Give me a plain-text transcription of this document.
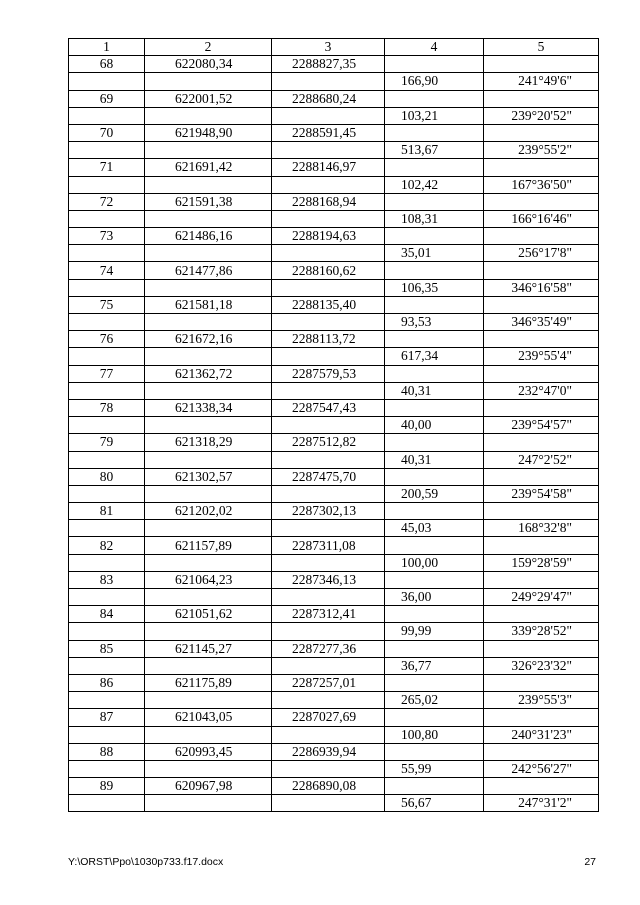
1	2	3	4	5
68	622080,34	2288827,35		
			166,90	241°49'6"
69	622001,52	2288680,24		
			103,21	239°20'52"
70	621948,90	2288591,45		
			513,67	239°55'2"
71	621691,42	2288146,97		
			102,42	167°36'50"
72	621591,38	2288168,94		
			108,31	166°16'46"
73	621486,16	2288194,63		
			35,01	256°17'8"
74	621477,86	2288160,62		
			106,35	346°16'58"
75	621581,18	2288135,40		
			93,53	346°35'49"
76	621672,16	2288113,72		
			617,34	239°55'4"
77	621362,72	2287579,53		
			40,31	232°47'0"
78	621338,34	2287547,43		
			40,00	239°54'57"
79	621318,29	2287512,82		
			40,31	247°2'52"
80	621302,57	2287475,70		
			200,59	239°54'58"
81	621202,02	2287302,13		
			45,03	168°32'8"
82	621157,89	2287311,08		
			100,00	159°28'59"
83	621064,23	2287346,13		
			36,00	249°29'47"
84	621051,62	2287312,41		
			99,99	339°28'52"
85	621145,27	2287277,36		
			36,77	326°23'32"
86	621175,89	2287257,01		
			265,02	239°55'3"
87	621043,05	2287027,69		
			100,80	240°31'23"
88	620993,45	2286939,94		
			55,99	242°56'27"
89	620967,98	2286890,08		
			56,67	247°31'2"
Y:\ORST\Ppo\1030p733.f17.docx	27
